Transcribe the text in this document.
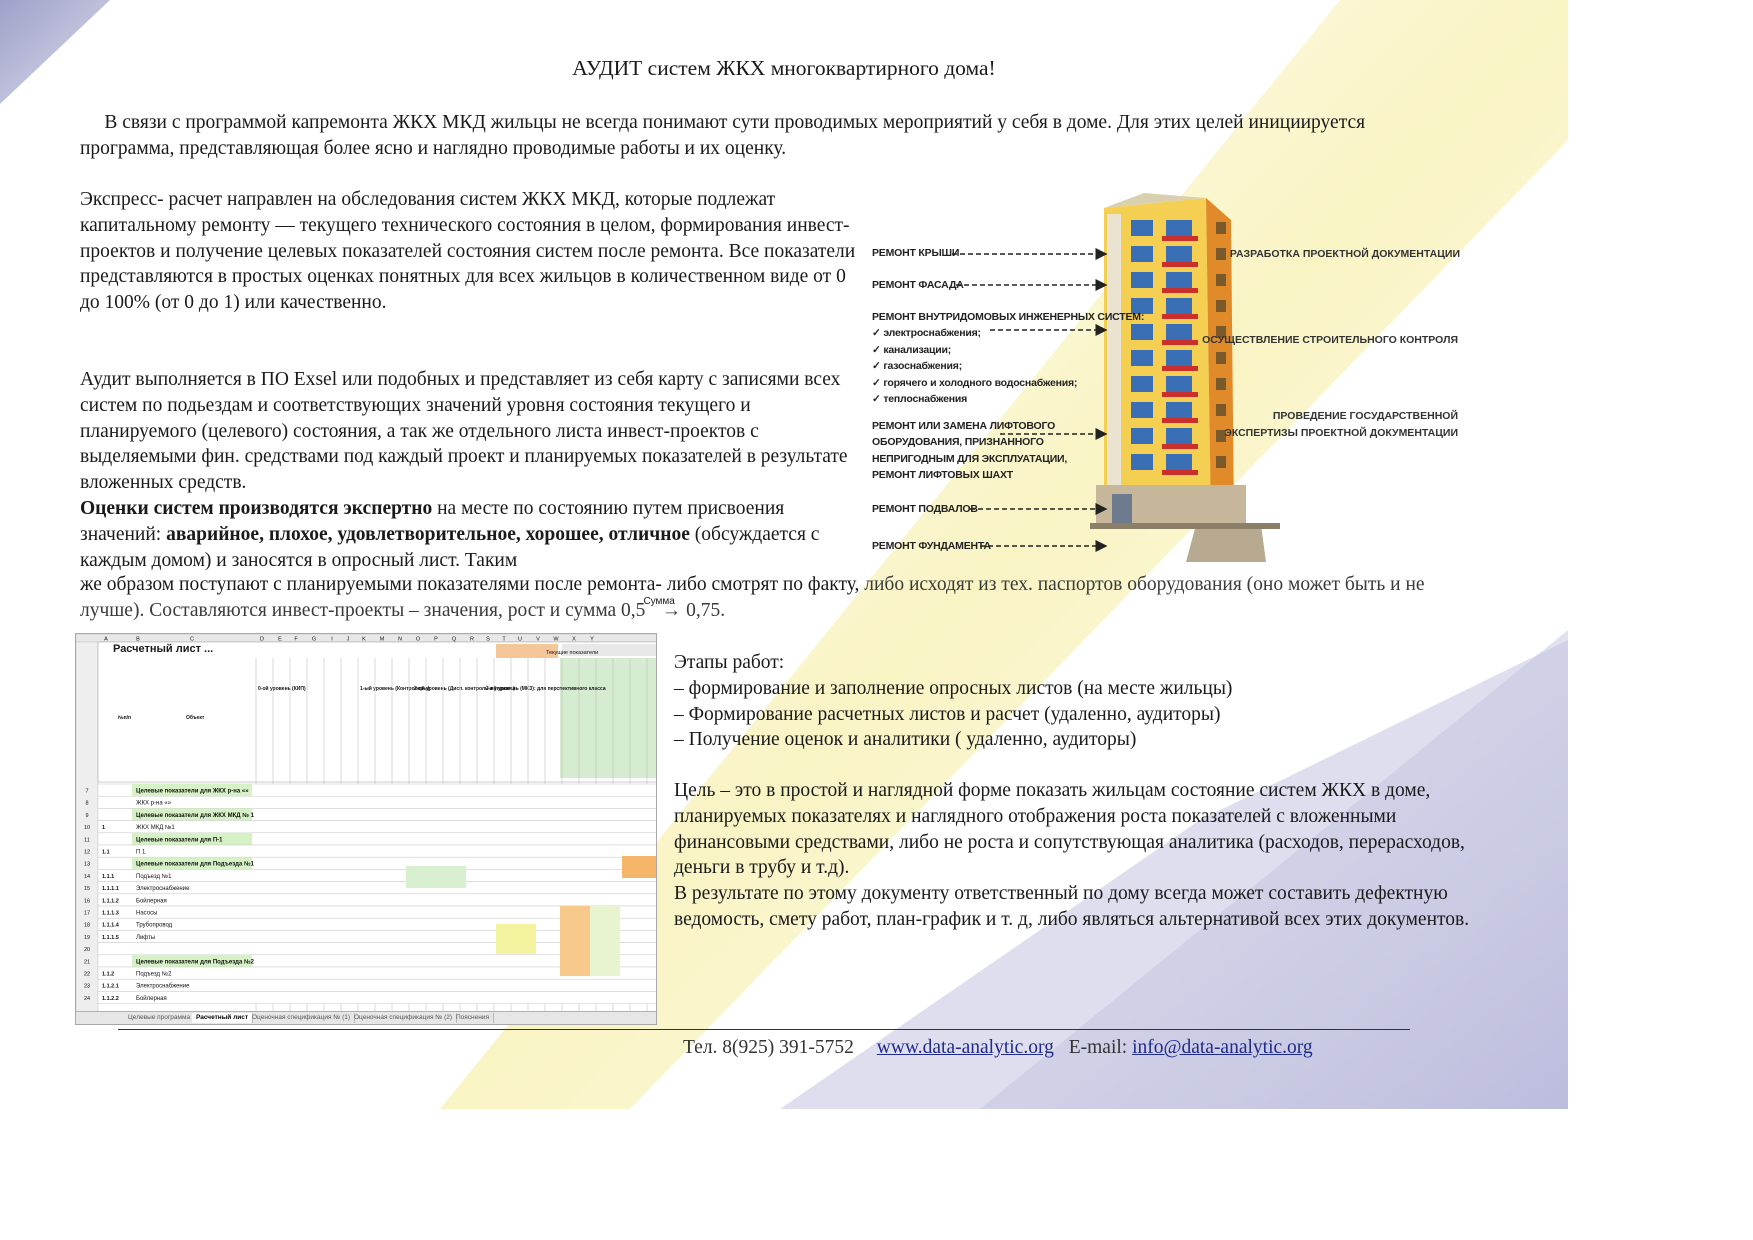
АУДИТ систем ЖКХ многоквартирного дома!
В связи с программой капремонта ЖКХ МКД жильцы не всегда понимают сути проводимых мероприятий у себя в доме. Для этих целей инициируется программа, представляющая более ясно и наглядно проводимые работы и их оценку.
Экспресс- расчет направлен на обследования систем ЖКХ МКД, которые подлежат капитальному ремонту — текущего технического состояния в целом, формирования инвест-проектов и получение целевых показателей состояния систем после ремонта. Все показатели представляются в простых оценках понятных для всех жильцов в количественном виде от 0 до 100% (от 0 до 1) или качественно.
Аудит выполняется в ПО Exsel или подобных и представляет из себя карту с записями всех систем по подьездам и соответствующих значений уровня состояния текущего и планируемого (целевого) состояния, а так же отдельного листа инвест-проектов с выделяемыми фин. средствами под каждый проект и планируемых показателей в результате вложенных средств.
Оценки систем производятся экспертно на месте по состоянию путем присвоения значений: аварийное, плохое, удовлетворительное, хорошее, отличное (обсуждается с каждым домом) и заносятся в опросный лист. Таким
же образом поступают с планируемыми показателями после ремонта- либо смотрят по факту, либо исходят из тех. паспортов оборудования (оно может быть и не лучше). Составляются инвест-проекты – значения, рост и сумма $0,5^{Сумма} \to 0,75$.
РЕМОНТ КРЫШИ
РЕМОНТ ФАСАДА
РЕМОНТ ВНУТРИДОМОВЫХ ИНЖЕНЕРНЫХ СИСТЕМ:
✓ электроснабжения;
✓ канализации;
✓ газоснабжения;
✓ горячего и холодного водоснабжения;
✓ теплоснабжения
РЕМОНТ ИЛИ ЗАМЕНА ЛИФТОВОГО
ОБОРУДОВАНИЯ, ПРИЗНАННОГО
НЕПРИГОДНЫМ ДЛЯ ЭКСПЛУАТАЦИИ,
РЕМОНТ ЛИФТОВЫХ ШАХТ
РЕМОНТ ПОДВАЛОВ
РЕМОНТ ФУНДАМЕНТА
РАЗРАБОТКА ПРОЕКТНОЙ ДОКУМЕНТАЦИИ
ОСУЩЕСТВЛЕНИЕ СТРОИТЕЛЬНОГО КОНТРОЛЯ
ПРОВЕДЕНИЕ ГОСУДАРСТВЕННОЙ
ЭКСПЕРТИЗЫ ПРОЕКТНОЙ ДОКУМЕНТАЦИИ
A	B	C	D	E F	G	I	J K	M N	O	P	Q	R S T U	V W X	Y
Текущие показатели
0-ой уровень (КИП)	1-ый уровень (Контролеры)
2-ой уровень (Дисп. контроль и управл.)
3-ий уровень (МКЗ): для перспективного класса
№п/п	Объект
7	Целевые показатели для ЖКХ р-на «»
8	ЖКХ р-на «»
9	Целевые показатели для ЖКХ МКД № 1
10 1	ЖКХ МКД №1
11	Целевые показатели для П-1
12 1.1	П 1
13	Целевые показатели для Подъезда №1
14 1.1.1	Подъезд №1
15 1.1.1.1	Электроснабжение
16 1.1.1.2	Бойлерная
17 1.1.1.3	Насосы
18 1.1.1.4	Трубопровод
19 1.1.1.5	Лифты
20
21	Целевые показатели для Подъезда №2
22 1.1.2	Подъезд №2
23 1.1.2.1	Электроснабжение
24 1.1.2.2	Бойлерная
Расчетный лист ...
Целевые программа Расчетный лист Оценочная спецификация № (1) Оценочная спецификация № (2) Пояснения
Этапы работ:
– формирование и заполнение опросных листов (на месте жильцы)
– Формирование расчетных листов и расчет (удаленно, аудиторы)
– Получение оценок и аналитики ( удаленно, аудиторы)
Цель – это в простой и наглядной форме показать жильцам состояние систем ЖКХ в доме, планируемых показателях и наглядного отображения роста показателей с вложенными финансовыми средствами, либо не роста и сопутствующая аналитика (расходов, перерасходов, деньги в трубу и т.д).
В результате по этому документу ответственный по дому всегда может составить дефектную ведомость, смету работ, план-график и т. д, либо являться альтернативой всех этих документов.
Тел. 8(925) 391-5752 www.data-analytic.org E-mail: info@data-analytic.org
